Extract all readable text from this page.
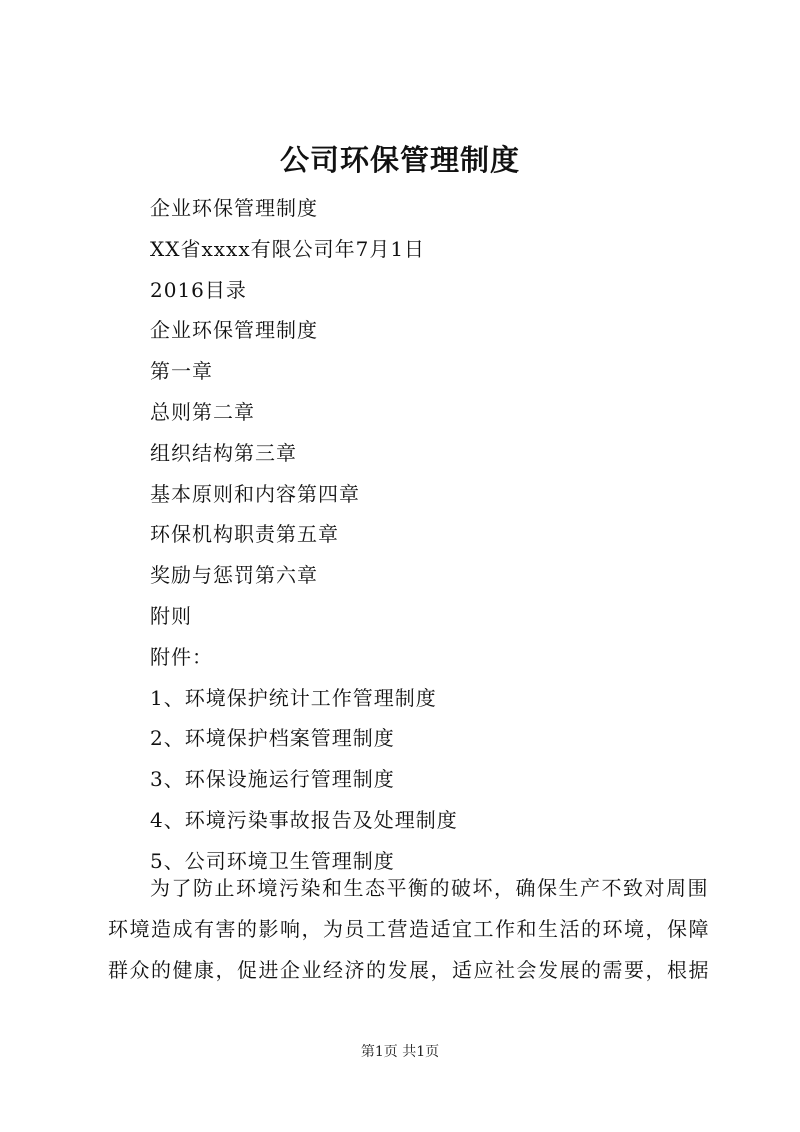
公司环保管理制度
企业环保管理制度
XX省xxxx有限公司年7月1日
2016目录
企业环保管理制度
第一章
总则第二章
组织结构第三章
基本原则和内容第四章
环保机构职责第五章
奖励与惩罚第六章
附则
附件：
1、环境保护统计工作管理制度
2、环境保护档案管理制度
3、环保设施运行管理制度
4、环境污染事故报告及处理制度
5、公司环境卫生管理制度
为了防止环境污染和生态平衡的破坏，确保生产不致对周围
环境造成有害的影响，为员工营造适宜工作和生活的环境，保障
群众的健康，促进企业经济的发展，适应社会发展的需要，根据
第1页 共1页
